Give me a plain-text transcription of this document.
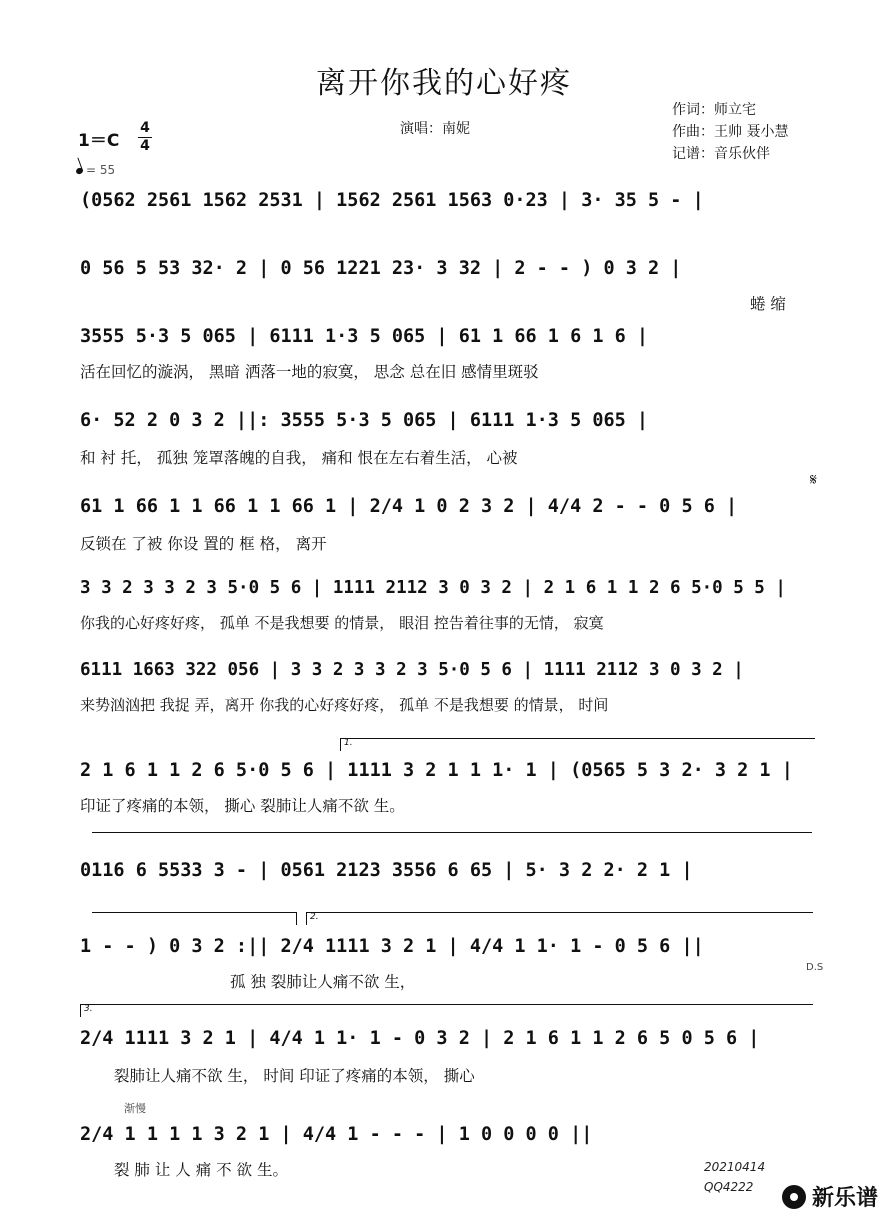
离开你我的心好疼
演唱：南妮
作词：师立宅
作曲：王帅 聂小慧
记谱：音乐伙伴
1＝C
4
4
= 55
(0562 2561 1562 2531 | 1562 2561 1563 0·23 | 3· 35 5 - |
0 56 5 53 32· 2 | 0 56 1221 23· 3 32 | 2 - - ) 0 3 2 |
蜷 缩
3555 5·3 5 065 | 6111 1·3 5 065 | 61 1 66 1 6 1 6 |
活在回忆的漩涡， 黑暗 洒落一地的寂寞， 思念 总在旧 感情里斑驳
6· 52 2 0 3 2 ||: 3555 5·3 5 065 | 6111 1·3 5 065 |
和 衬 托， 孤独 笼罩落魄的自我， 痛和 恨在左右着生活， 心被
61 1 66 1 1 66 1 1 66 1 | 2/4 1 0 2 3 2 | 4/4 2 - - 0 5 6 |
反锁在 了被 你设 置的 框 格， 离开
3 3 2 3 3 2 3 5·0 5 6 | 1111 2112 3 0 3 2 | 2 1 6 1 1 2 6 5·0 5 5 |
你我的心好疼好疼， 孤单 不是我想要 的情景， 眼泪 控告着往事的无情， 寂寞
6111 1663 322 056 | 3 3 2 3 3 2 3 5·0 5 6 | 1111 2112 3 0 3 2 |
来势汹汹把 我捉 弄，离开 你我的心好疼好疼， 孤单 不是我想要 的情景， 时间
2 1 6 1 1 2 6 5·0 5 6 | 1111 3 2 1 1 1· 1 | (0565 5 3 2· 3 2 1 |
印证了疼痛的本领， 撕心 裂肺让人痛不欲 生。
1.
0116 6 5533 3 - | 0561 2123 3556 6 65 | 5· 3 2 2· 2 1 |
1 - - ) 0 3 2 :|| 2/4 1111 3 2 1 | 4/4 1 1· 1 - 0 5 6 ||
孤 独 裂肺让人痛不欲 生，
2.
D.S
2/4 1111 3 2 1 | 4/4 1 1· 1 - 0 3 2 | 2 1 6 1 1 2 6 5 0 5 6 |
裂肺让人痛不欲 生， 时间 印证了疼痛的本领， 撕心
3.
2/4 1 1 1 1 3 2 1 | 4/4 1 - - - | 1 0 0 0 0 ||
裂 肺 让 人 痛 不 欲 生。
渐慢
𝄋
20210414
QQ4222	新乐谱
